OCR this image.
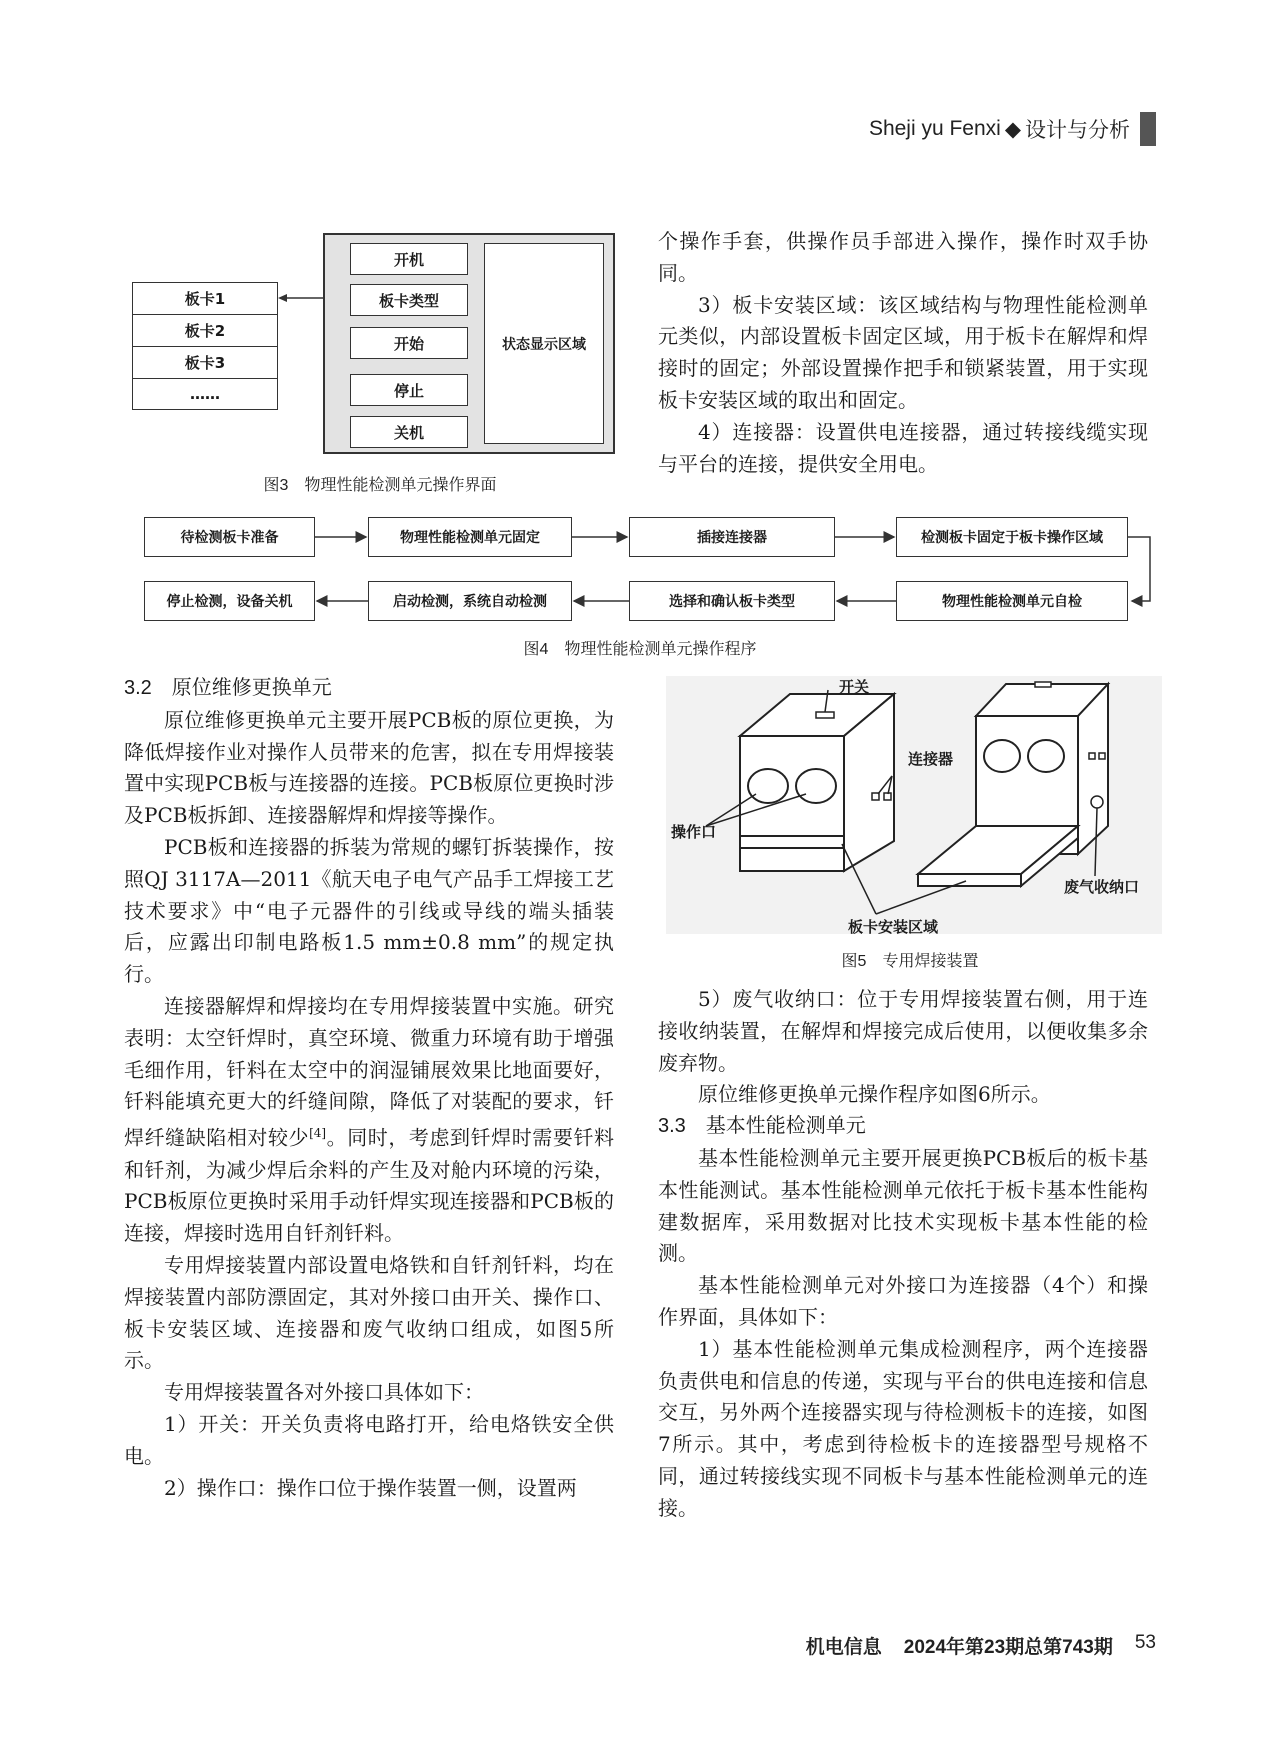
Sheji yu Fenxi ◆ 设计与分析
板卡1
板卡2
板卡3
……
开机
板卡类型
开始
停止
关机
状态显示区域
图3　物理性能检测单元操作界面

个操作手套，供操作员手部进入操作，操作时双手协同。

3）板卡安装区域：该区域结构与物理性能检测单元类似，内部设置板卡固定区域，用于板卡在解焊和焊接时的固定；外部设置操作把手和锁紧装置，用于实现板卡安装区域的取出和固定。

4）连接器：设置供电连接器，通过转接线缆实现与平台的连接，提供安全用电。

待检测板卡准备	物理性能检测单元固定	插接连接器	检测板卡固定于板卡操作区域
停止检测，设备关机	启动检测，系统自动检测	选择和确认板卡类型	物理性能检测单元自检
图4　物理性能检测单元操作程序
3.2　原位维修更换单元

原位维修更换单元主要开展PCB板的原位更换，为降低焊接作业对操作人员带来的危害，拟在专用焊接装置中实现PCB板与连接器的连接。PCB板原位更换时涉及PCB板拆卸、连接器解焊和焊接等操作。

PCB板和连接器的拆装为常规的螺钉拆装操作，按照QJ 3117A—2011《航天电子电气产品手工焊接工艺技术要求》中“电子元器件的引线或导线的端头插装后，应露出印制电路板1.5 mm±0.8 mm”的规定执行。

连接器解焊和焊接均在专用焊接装置中实施。研究表明：太空钎焊时，真空环境、微重力环境有助于增强毛细作用，钎料在太空中的润湿铺展效果比地面要好，钎料能填充更大的纤缝间隙，降低了对装配的要求，钎焊纤缝缺陷相对较少[4]。同时，考虑到钎焊时需要钎料和钎剂，为减少焊后余料的产生及对舱内环境的污染，PCB板原位更换时采用手动钎焊实现连接器和PCB板的连接，焊接时选用自钎剂钎料。

专用焊接装置内部设置电烙铁和自钎剂钎料，均在焊接装置内部防漂固定，其对外接口由开关、操作口、板卡安装区域、连接器和废气收纳口组成，如图5所示。

专用焊接装置各对外接口具体如下：

1）开关：开关负责将电路打开，给电烙铁安全供电。

2）操作口：操作口位于操作装置一侧，设置两

开关
连接器
操作口
废气收纳口
板卡安装区域
图5　专用焊接装置

5）废气收纳口：位于专用焊接装置右侧，用于连接收纳装置，在解焊和焊接完成后使用，以便收集多余废弃物。

原位维修更换单元操作程序如图6所示。

3.3　基本性能检测单元

基本性能检测单元主要开展更换PCB板后的板卡基本性能测试。基本性能检测单元依托于板卡基本性能构建数据库，采用数据对比技术实现板卡基本性能的检测。

基本性能检测单元对外接口为连接器（4个）和操作界面，具体如下：

1）基本性能检测单元集成检测程序，两个连接器负责供电和信息的传递，实现与平台的供电连接和信息交互，另外两个连接器实现与待检测板卡的连接，如图7所示。其中，考虑到待检板卡的连接器型号规格不同，通过转接线实现不同板卡与基本性能检测单元的连接。

机电信息 2024年第23期总第743期 53
